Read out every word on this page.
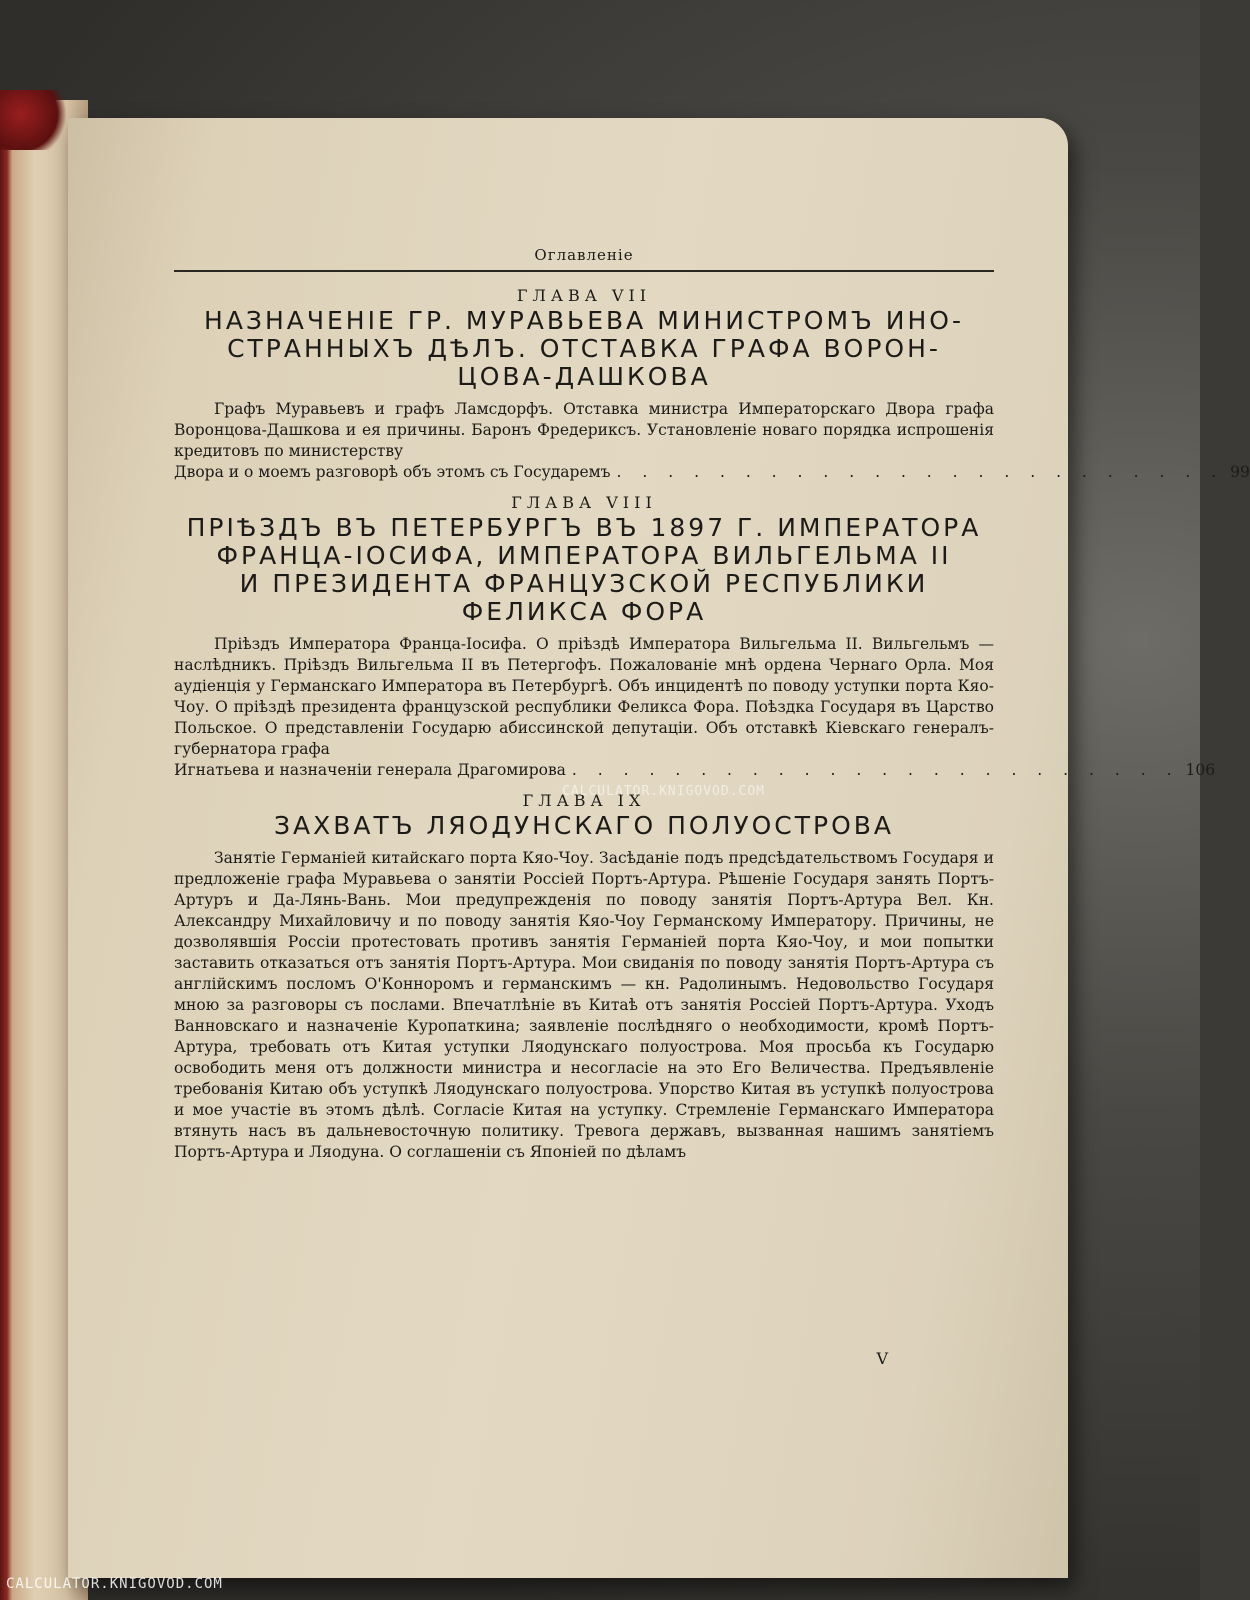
Оглавленіе
ГЛАВА VII
НАЗНАЧЕНІЕ ГР. МУРАВЬЕВА МИНИСТРОМЪ ИНО-
СТРАННЫХЪ ДѢЛЪ. ОТСТАВКА ГРАФА ВОРОН-
ЦОВА-ДАШКОВА

Графъ Муравьевъ и графъ Ламсдорфъ. Отставка министра Императорскаго Двора графа Воронцова-Дашкова и ея причины. Баронъ Фредериксъ. Установленіе новаго порядка испрошенія кредитовъ по министерству

Двора и о моемъ разговорѣ объ этомъ съ Государемъ . . . . . . . . . . . . . . . . . . . . . . . . 99
ГЛАВА VIII
ПРІѢЗДЪ ВЪ ПЕТЕРБУРГЪ ВЪ 1897 Г. ИМПЕРАТОРА
ФРАНЦА-ІОСИФА, ИМПЕРАТОРА ВИЛЬГЕЛЬМА II
И ПРЕЗИДЕНТА ФРАНЦУЗСКОЙ РЕСПУБЛИКИ
ФЕЛИКСА ФОРА

Пріѣздъ Императора Франца-Іосифа. О пріѣздѣ Императора Вильгельма II. Вильгельмъ — наслѣдникъ. Пріѣздъ Вильгельма II въ Петергофъ. Пожалованіе мнѣ ордена Чернаго Орла. Моя аудіенція у Германскаго Императора въ Петербургѣ. Объ инцидентѣ по поводу уступки порта Кяо-Чоу. О пріѣздѣ президента французской республики Феликса Фора. Поѣздка Государя въ Царство Польское. О представленіи Государю абиссинской депутаціи. Объ отставкѣ Кіевскаго генералъ-губернатора графа

Игнатьева и назначеніи генерала Драгомирова . . . . . . . . . . . . . . . . . . . . . . . . 106
ГЛАВА IX
ЗАХВАТЪ ЛЯОДУНСКАГО ПОЛУОСТРОВА

Занятіе Германіей китайскаго порта Кяо-Чоу. Засѣданіе подъ предсѣдательствомъ Государя и предложеніе графа Муравьева о занятіи Россіей Портъ-Артура. Рѣшеніе Государя занять Портъ-Артуръ и Да-Лянь-Вань. Мои предупрежденія по поводу занятія Портъ-Артура Вел. Кн. Александру Михайловичу и по поводу занятія Кяо-Чоу Германскому Императору. Причины, не дозволявшія Россіи протестовать противъ занятія Германіей порта Кяо-Чоу, и мои попытки заставить отказаться отъ занятія Портъ-Артура. Мои свиданія по поводу занятія Портъ-Артура съ англійскимъ посломъ О'Конноромъ и германскимъ — кн. Радолинымъ. Недовольство Государя мною за разговоры съ послами. Впечатлѣніе въ Китаѣ отъ занятія Россіей Портъ-Артура. Уходъ Ванновскаго и назначеніе Куропаткина; заявленіе послѣдняго о необходимости, кромѣ Портъ-Артура, требовать отъ Китая уступки Ляодунскаго полуострова. Моя просьба къ Государю освободить меня отъ должности министра и несогласіе на это Его Величества. Предъявленіе требованія Китаю объ уступкѣ Ляодунскаго полуострова. Упорство Китая въ уступкѣ полуострова и мое участіе въ этомъ дѣлѣ. Согласіе Китая на уступку. Стремленіе Германскаго Императора втянуть насъ въ дальневосточную политику. Тревога державъ, вызванная нашимъ занятіемъ Портъ-Артура и Ляодуна. О соглашеніи съ Японіей по дѣламъ

V
CALCULATOR.KNIGOVOD.COM
CALCULATOR.KNIGOVOD.COM
